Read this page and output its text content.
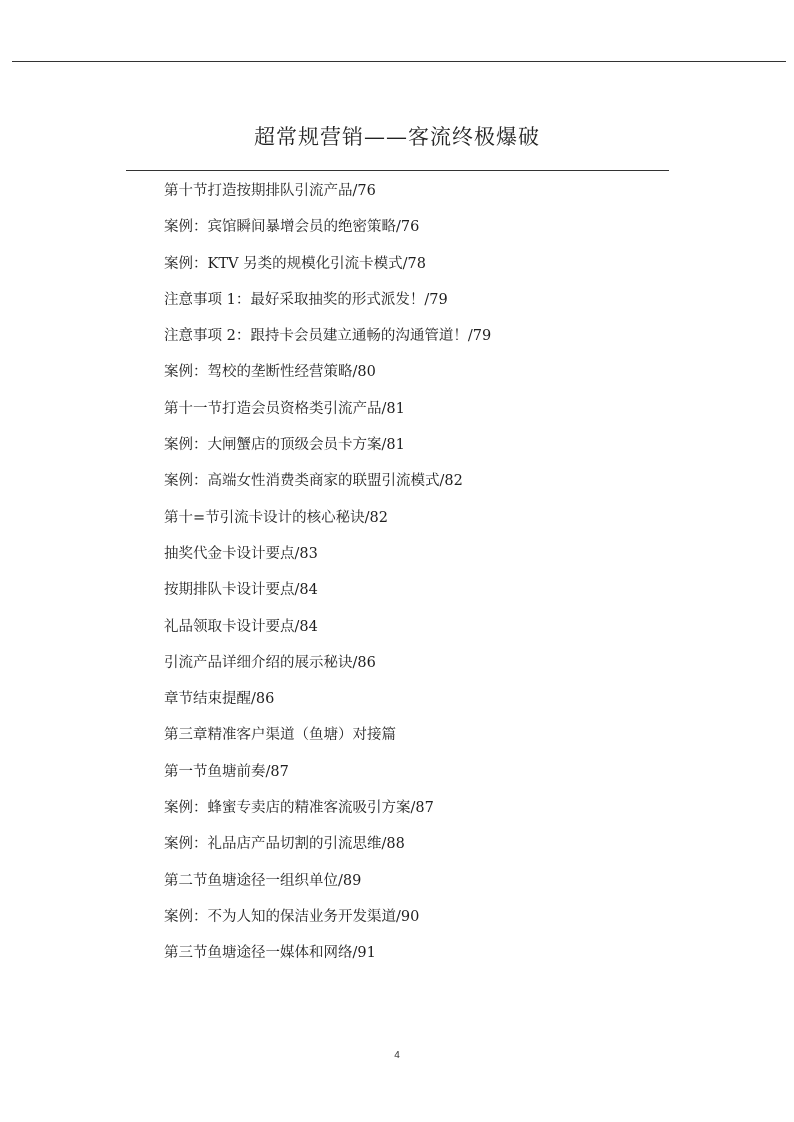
超常规营销——客流终极爆破
第十节打造按期排队引流产品/76
案例：宾馆瞬间暴增会员的绝密策略/76
案例：KTV 另类的规模化引流卡模式/78
注意事项 1：最好采取抽奖的形式派发！/79
注意事项 2：跟持卡会员建立通畅的沟通管道！/79
案例：驾校的垄断性经营策略/80
第十一节打造会员资格类引流产品/81
案例：大闸蟹店的顶级会员卡方案/81
案例：高端女性消费类商家的联盟引流模式/82
第十=节引流卡设计的核心秘诀/82
抽奖代金卡设计要点/83
按期排队卡设计要点/84
礼品领取卡设计要点/84
引流产品详细介绍的展示秘诀/86
章节结束提醒/86
第三章精准客户渠道（鱼塘）对接篇
第一节鱼塘前奏/87
案例：蜂蜜专卖店的精准客流吸引方案/87
案例：礼品店产品切割的引流思维/88
第二节鱼塘途径一组织单位/89
案例：不为人知的保洁业务开发渠道/90
第三节鱼塘途径一媒体和网络/91
4
